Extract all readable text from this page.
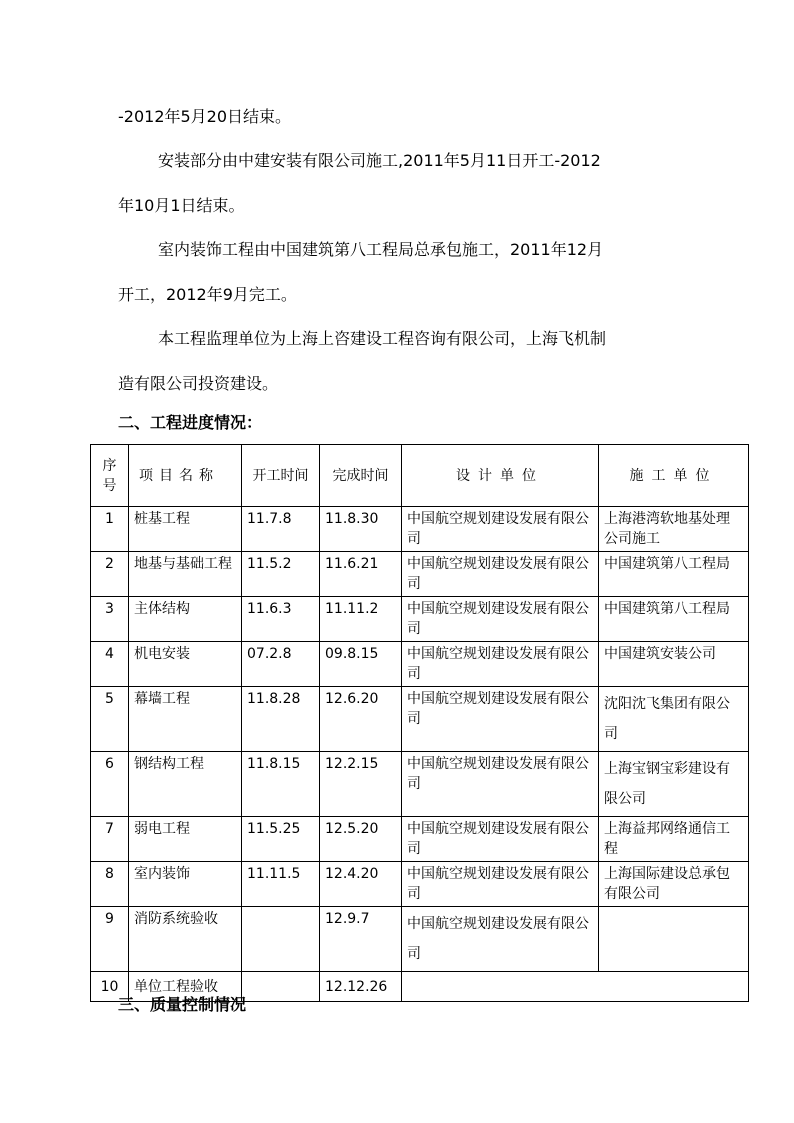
-2012年5月20日结束。
安装部分由中建安装有限公司施工,2011年5月11日开工-2012
年10月1日结束。
室内装饰工程由中国建筑第八工程局总承包施工，2011年12月
开工，2012年9月完工。
本工程监理单位为上海上咨建设工程咨询有限公司，上海飞机制
造有限公司投资建设。
二、工程进度情况：
序号	项目名称	开工时间	完成时间	设计单位	施工单位
1	桩基工程	11.7.8	11.8.30	中国航空规划建设发展有限公司	上海港湾软地基处理公司施工
2	地基与基础工程	11.5.2	11.6.21	中国航空规划建设发展有限公司	中国建筑第八工程局
3	主体结构	11.6.3	11.11.2	中国航空规划建设发展有限公司	中国建筑第八工程局
4	机电安装	07.2.8	09.8.15	中国航空规划建设发展有限公司	中国建筑安装公司
5	幕墙工程	11.8.28	12.6.20	中国航空规划建设发展有限公司	沈阳沈飞集团有限公司
6	钢结构工程	11.8.15	12.2.15	中国航空规划建设发展有限公司	上海宝钢宝彩建设有限公司
7	弱电工程	11.5.25	12.5.20	中国航空规划建设发展有限公司	上海益邦网络通信工程
8	室内装饰	11.11.5	12.4.20	中国航空规划建设发展有限公司	上海国际建设总承包有限公司
9	消防系统验收		12.9.7	中国航空规划建设发展有限公司	
10	单位工程验收		12.12.26		
三、质量控制情况
